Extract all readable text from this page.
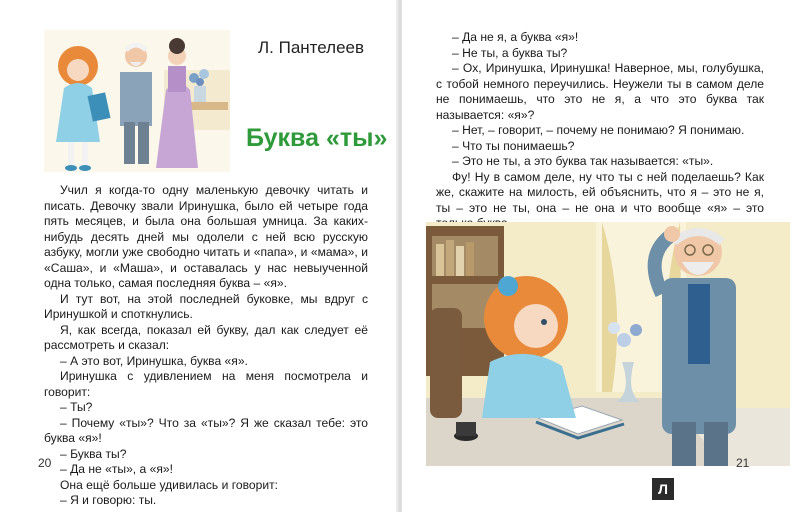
Л. Пантелеев
Буква «ты»

Учил я когда-то одну маленькую девочку читать и писать. Девочку звали Иринушка, было ей четыре года пять месяцев, и была она большая умница. За каких-нибудь десять дней мы одолели с ней всю русскую азбуку, могли уже свободно читать и «папа», и «мама», и «Саша», и «Маша», и оставалась у нас невыученной одна только, самая последняя буква – «я».

И тут вот, на этой последней буковке, мы вдруг с Иринушкой и споткнулись.

Я, как всегда, показал ей букву, дал как следует её рассмотреть и сказал:

– А это вот, Иринушка, буква «я».

Иринушка с удивлением на меня посмотрела и говорит:

– Ты?

– Почему «ты»? Что за «ты»? Я же сказал тебе: это буква «я»!

– Буква ты?

– Да не «ты», а «я»!

Она ещё больше удивилась и говорит:

– Я и говорю: ты.

20

– Да не я, а буква «я»!

– Не ты, а буква ты?

– Ох, Иринушка, Иринушка! Наверное, мы, голубушка, с тобой немного переучились. Неужели ты в самом деле не понимаешь, что это не я, а что это буква так называется: «я»?

– Нет, – говорит, – почему не понимаю? Я понимаю.

– Что ты понимаешь?

– Это не ты, а это буква так называется: «ты».

Фу! Ну в самом деле, ну что ты с ней поделаешь? Как же, скажите на милость, ей объяснить, что я – это не я, ты – это не ты, она – не она и что вообще «я» – это

21
Л
